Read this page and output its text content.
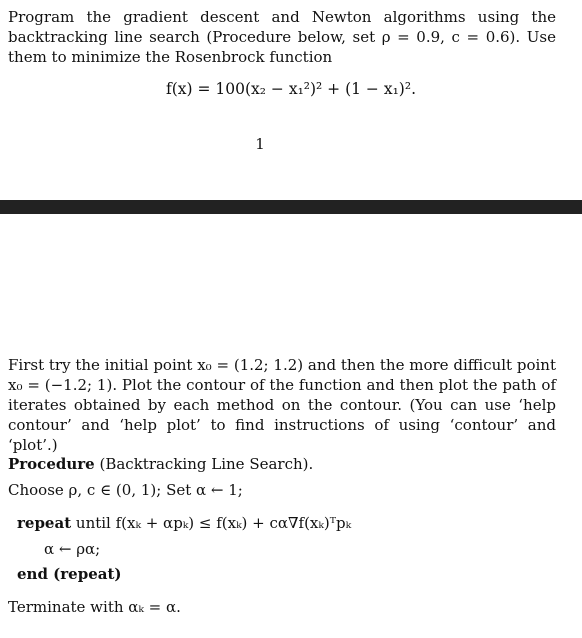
Program the gradient descent and Newton algorithms using the backtracking line search (Procedure below, set ρ = 0.9, c = 0.6). Use them to minimize the Rosenbrock function

f(x) = 100(x₂ − x₁²)² + (1 − x₁)².
1

First try the initial point x₀ = (1.2; 1.2) and then the more difficult point x₀ = (−1.2; 1). Plot the contour of the function and then plot the path of iterates obtained by each method on the contour. (You can use ‘help contour’ and ‘help plot’ to find instructions of using ‘contour’ and ‘plot’.)

Procedure (Backtracking Line Search).
Choose ρ, c ∈ (0, 1); Set α ← 1;
repeat until f(xₖ + αpₖ) ≤ f(xₖ) + cα∇f(xₖ)ᵀpₖ
α ← ρα;
end (repeat)
Terminate with αₖ = α.
